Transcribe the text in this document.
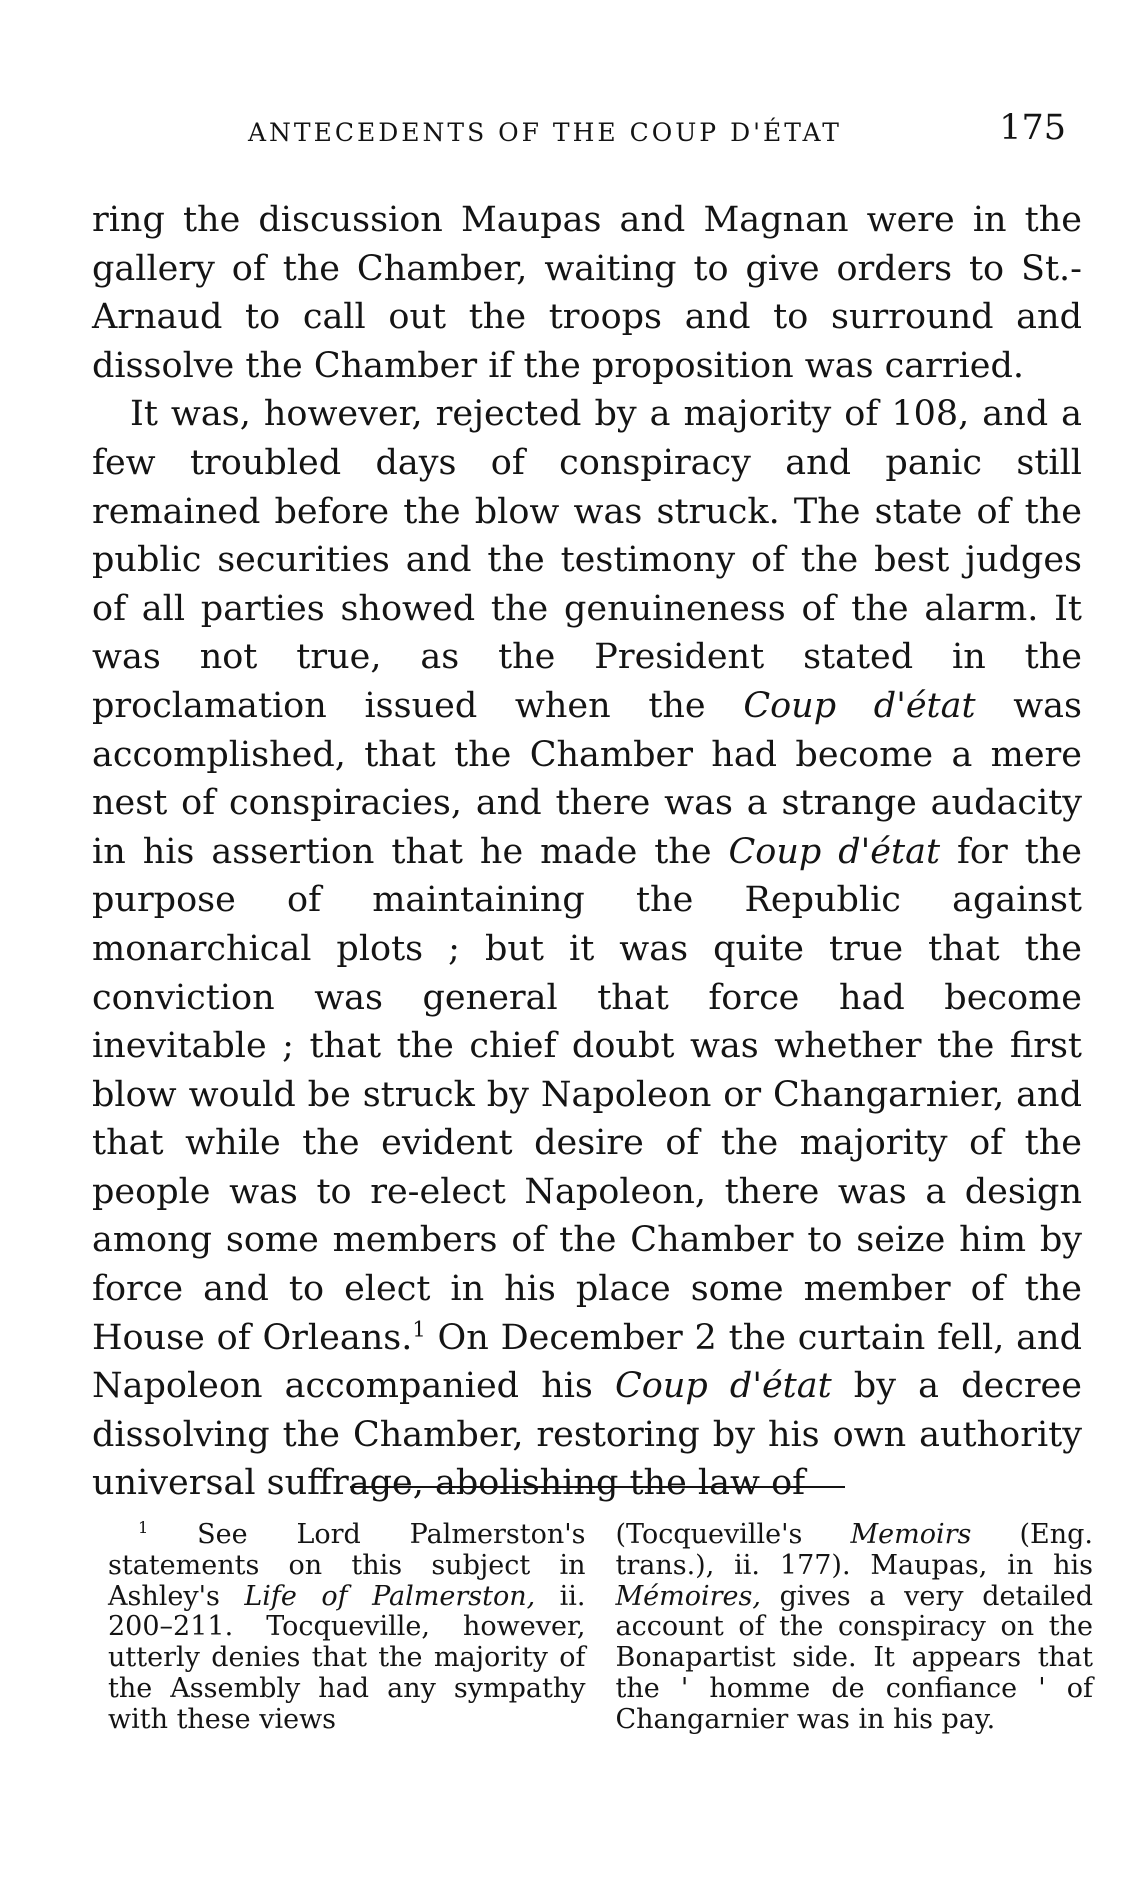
ANTECEDENTS OF THE COUP D'ÉTAT	175

ring the discussion Maupas and Magnan were in the gallery of the Chamber, waiting to give orders to St.-Arnaud to call out the troops and to surround and dissolve the Chamber if the proposition was carried.

It was, however, rejected by a majority of 108, and a few troubled days of conspiracy and panic still remained before the blow was struck. The state of the public securities and the testimony of the best judges of all parties showed the genuineness of the alarm. It was not true, as the President stated in the proclamation issued when the Coup d'état was accomplished, that the Chamber had become a mere nest of conspiracies, and there was a strange audacity in his assertion that he made the Coup d'état for the purpose of maintaining the Republic against monarchical plots ; but it was quite true that the conviction was general that force had become inevitable ; that the chief doubt was whether the first blow would be struck by Napoleon or Changarnier, and that while the evident desire of the majority of the people was to re-elect Napoleon, there was a design among some members of the Chamber to seize him by force and to elect in his place some member of the House of Orleans.$^1$ On December 2 the curtain fell, and Napoleon accompanied his Coup d'état by a decree dissolving the Chamber, restoring by his own authority universal suffrage, abolishing the law of

$^1$ See Lord Palmerston's statements on this subject in Ashley's Life of Palmerston, ii. 200–211. Tocqueville, however, utterly denies that the majority of the Assembly had any sympathy with these views

(Tocqueville's Memoirs (Eng. trans.), ii. 177). Maupas, in his Mémoires, gives a very detailed account of the conspiracy on the Bonapartist side. It appears that the ' homme de confiance ' of Changarnier was in his pay.
